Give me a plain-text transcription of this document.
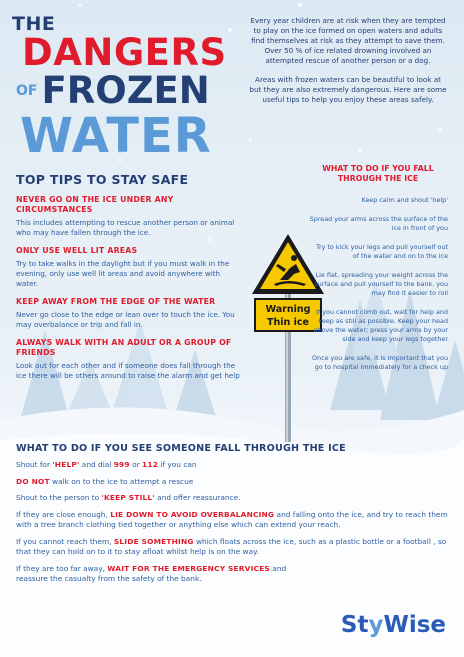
THE
DANGERS
OF FROZEN
WATER

Every year children are at risk when they are tempted to play on the ice formed on open waters and adults find themselves at risk as they attempt to save them. Over 50 % of ice related drowning involved an attempted rescue of another person or a dog.

Areas with frozen waters can be beautiful to look at but they are also extremely dangerous. Here are some useful tips to help you enjoy these areas safely.

TOP TIPS TO STAY SAFE
NEVER GO ON THE ICE UNDER ANY CIRCUMSTANCES
This includes attempting to rescue another person or animal who may have fallen through the ice.
ONLY USE WELL LIT AREAS
Try to take walks in the daylight but if you must walk in the evening, only use well lit areas and avoid anywhere with water.
KEEP AWAY FROM THE EDGE OF THE WATER
Never go close to the edge or lean over to touch the ice. You may overbalance or trip and fall in.
ALWAYS WALK WITH AN ADULT OR A GROUP OF FRIENDS
Look out for each other and if someone does fall through the ice there will be others around to raise the alarm and get help
Warning
Thin ice
WHAT TO DO IF YOU FALL THROUGH THE ICE

Keep calm and shout 'help'

Spread your arms across the surface of the ice in front of you

Try to kick your legs and pull yourself out of the water and on to the ice

Lie flat, spreading your weight across the surface and pull yourself to the bank. you may find it easier to roll

If you cannot climb out, wait for help and keep as still as possible. Keep your head above the water; press your arms by your side and keep your legs together

Once you are safe, it is important that you go to hospital immediately for a check up

WHAT TO DO IF YOU SEE SOMEONE FALL THROUGH THE ICE

Shout for 'HELP' and dial 999 or 112 if you can

DO NOT walk on to the ice to attempt a rescue

Shout to the person to 'KEEP STILL' and offer reassurance.

If they are close enough, LIE DOWN TO AVOID OVERBALANCING and falling onto the ice, and try to reach them with a tree branch clothing tied together or anything else which can extend your reach.

If you cannot reach them, SLIDE SOMETHING which floats across the ice, such as a plastic bottle or a football , so that they can hold on to it to stay afloat whilst help is on the way.

If they are too far away, WAIT FOR THE EMERGENCY SERVICES and reassure the casualty from the safety of the bank.

St y Wise
